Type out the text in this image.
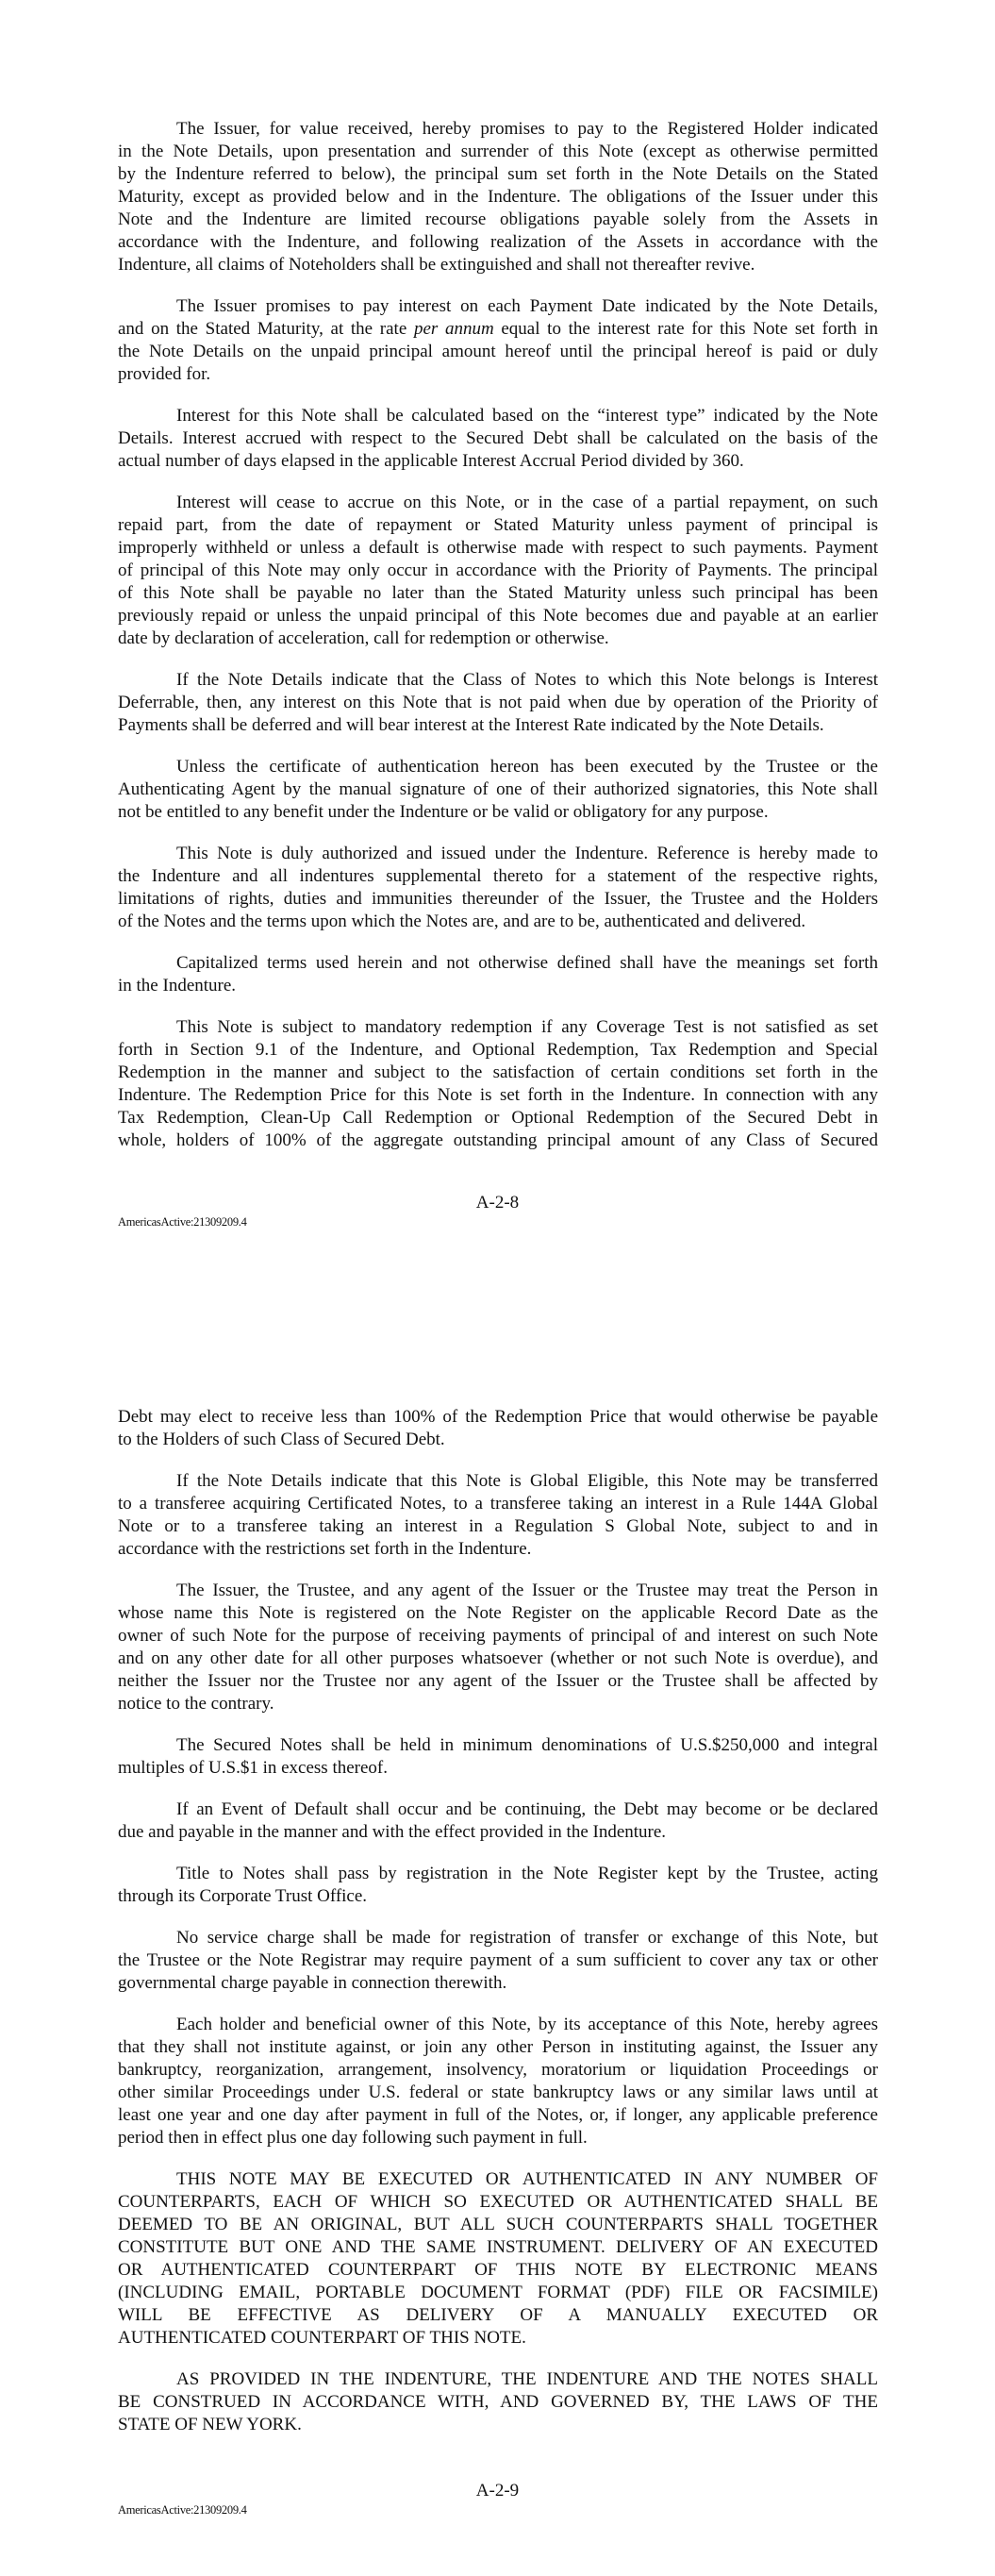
The Issuer, for value received, hereby promises to pay to the Registered Holder indicated
in the Note Details, upon presentation and surrender of this Note (except as otherwise permitted
by the Indenture referred to below), the principal sum set forth in the Note Details on the Stated
Maturity, except as provided below and in the Indenture. The obligations of the Issuer under this
Note and the Indenture are limited recourse obligations payable solely from the Assets in
accordance with the Indenture, and following realization of the Assets in accordance with the
Indenture, all claims of Noteholders shall be extinguished and shall not thereafter revive.
The Issuer promises to pay interest on each Payment Date indicated by the Note Details,
and on the Stated Maturity, at the rate per annum equal to the interest rate for this Note set forth in
the Note Details on the unpaid principal amount hereof until the principal hereof is paid or duly
provided for.
Interest for this Note shall be calculated based on the “interest type” indicated by the Note
Details. Interest accrued with respect to the Secured Debt shall be calculated on the basis of the
actual number of days elapsed in the applicable Interest Accrual Period divided by 360.
Interest will cease to accrue on this Note, or in the case of a partial repayment, on such
repaid part, from the date of repayment or Stated Maturity unless payment of principal is
improperly withheld or unless a default is otherwise made with respect to such payments. Payment
of principal of this Note may only occur in accordance with the Priority of Payments. The principal
of this Note shall be payable no later than the Stated Maturity unless such principal has been
previously repaid or unless the unpaid principal of this Note becomes due and payable at an earlier
date by declaration of acceleration, call for redemption or otherwise.
If the Note Details indicate that the Class of Notes to which this Note belongs is Interest
Deferrable, then, any interest on this Note that is not paid when due by operation of the Priority of
Payments shall be deferred and will bear interest at the Interest Rate indicated by the Note Details.
Unless the certificate of authentication hereon has been executed by the Trustee or the
Authenticating Agent by the manual signature of one of their authorized signatories, this Note shall
not be entitled to any benefit under the Indenture or be valid or obligatory for any purpose.
This Note is duly authorized and issued under the Indenture. Reference is hereby made to
the Indenture and all indentures supplemental thereto for a statement of the respective rights,
limitations of rights, duties and immunities thereunder of the Issuer, the Trustee and the Holders
of the Notes and the terms upon which the Notes are, and are to be, authenticated and delivered.
Capitalized terms used herein and not otherwise defined shall have the meanings set forth
in the Indenture.
This Note is subject to mandatory redemption if any Coverage Test is not satisfied as set
forth in Section 9.1 of the Indenture, and Optional Redemption, Tax Redemption and Special
Redemption in the manner and subject to the satisfaction of certain conditions set forth in the
Indenture. The Redemption Price for this Note is set forth in the Indenture. In connection with any
Tax Redemption, Clean-Up Call Redemption or Optional Redemption of the Secured Debt in
whole, holders of 100% of the aggregate outstanding principal amount of any Class of Secured
A-2-8
AmericasActive:21309209.4
Debt may elect to receive less than 100% of the Redemption Price that would otherwise be payable
to the Holders of such Class of Secured Debt.
If the Note Details indicate that this Note is Global Eligible, this Note may be transferred
to a transferee acquiring Certificated Notes, to a transferee taking an interest in a Rule 144A Global
Note or to a transferee taking an interest in a Regulation S Global Note, subject to and in
accordance with the restrictions set forth in the Indenture.
The Issuer, the Trustee, and any agent of the Issuer or the Trustee may treat the Person in
whose name this Note is registered on the Note Register on the applicable Record Date as the
owner of such Note for the purpose of receiving payments of principal of and interest on such Note
and on any other date for all other purposes whatsoever (whether or not such Note is overdue), and
neither the Issuer nor the Trustee nor any agent of the Issuer or the Trustee shall be affected by
notice to the contrary.
The Secured Notes shall be held in minimum denominations of U.S.$250,000 and integral
multiples of U.S.$1 in excess thereof.
If an Event of Default shall occur and be continuing, the Debt may become or be declared
due and payable in the manner and with the effect provided in the Indenture.
Title to Notes shall pass by registration in the Note Register kept by the Trustee, acting
through its Corporate Trust Office.
No service charge shall be made for registration of transfer or exchange of this Note, but
the Trustee or the Note Registrar may require payment of a sum sufficient to cover any tax or other
governmental charge payable in connection therewith.
Each holder and beneficial owner of this Note, by its acceptance of this Note, hereby agrees
that they shall not institute against, or join any other Person in instituting against, the Issuer any
bankruptcy, reorganization, arrangement, insolvency, moratorium or liquidation Proceedings or
other similar Proceedings under U.S. federal or state bankruptcy laws or any similar laws until at
least one year and one day after payment in full of the Notes, or, if longer, any applicable preference
period then in effect plus one day following such payment in full.
THIS NOTE MAY BE EXECUTED OR AUTHENTICATED IN ANY NUMBER OF
COUNTERPARTS, EACH OF WHICH SO EXECUTED OR AUTHENTICATED SHALL BE
DEEMED TO BE AN ORIGINAL, BUT ALL SUCH COUNTERPARTS SHALL TOGETHER
CONSTITUTE BUT ONE AND THE SAME INSTRUMENT. DELIVERY OF AN EXECUTED
OR AUTHENTICATED COUNTERPART OF THIS NOTE BY ELECTRONIC MEANS
(INCLUDING EMAIL, PORTABLE DOCUMENT FORMAT (PDF) FILE OR FACSIMILE)
WILL BE EFFECTIVE AS DELIVERY OF A MANUALLY EXECUTED OR
AUTHENTICATED COUNTERPART OF THIS NOTE.
AS PROVIDED IN THE INDENTURE, THE INDENTURE AND THE NOTES SHALL
BE CONSTRUED IN ACCORDANCE WITH, AND GOVERNED BY, THE LAWS OF THE
STATE OF NEW YORK.
A-2-9
AmericasActive:21309209.4
